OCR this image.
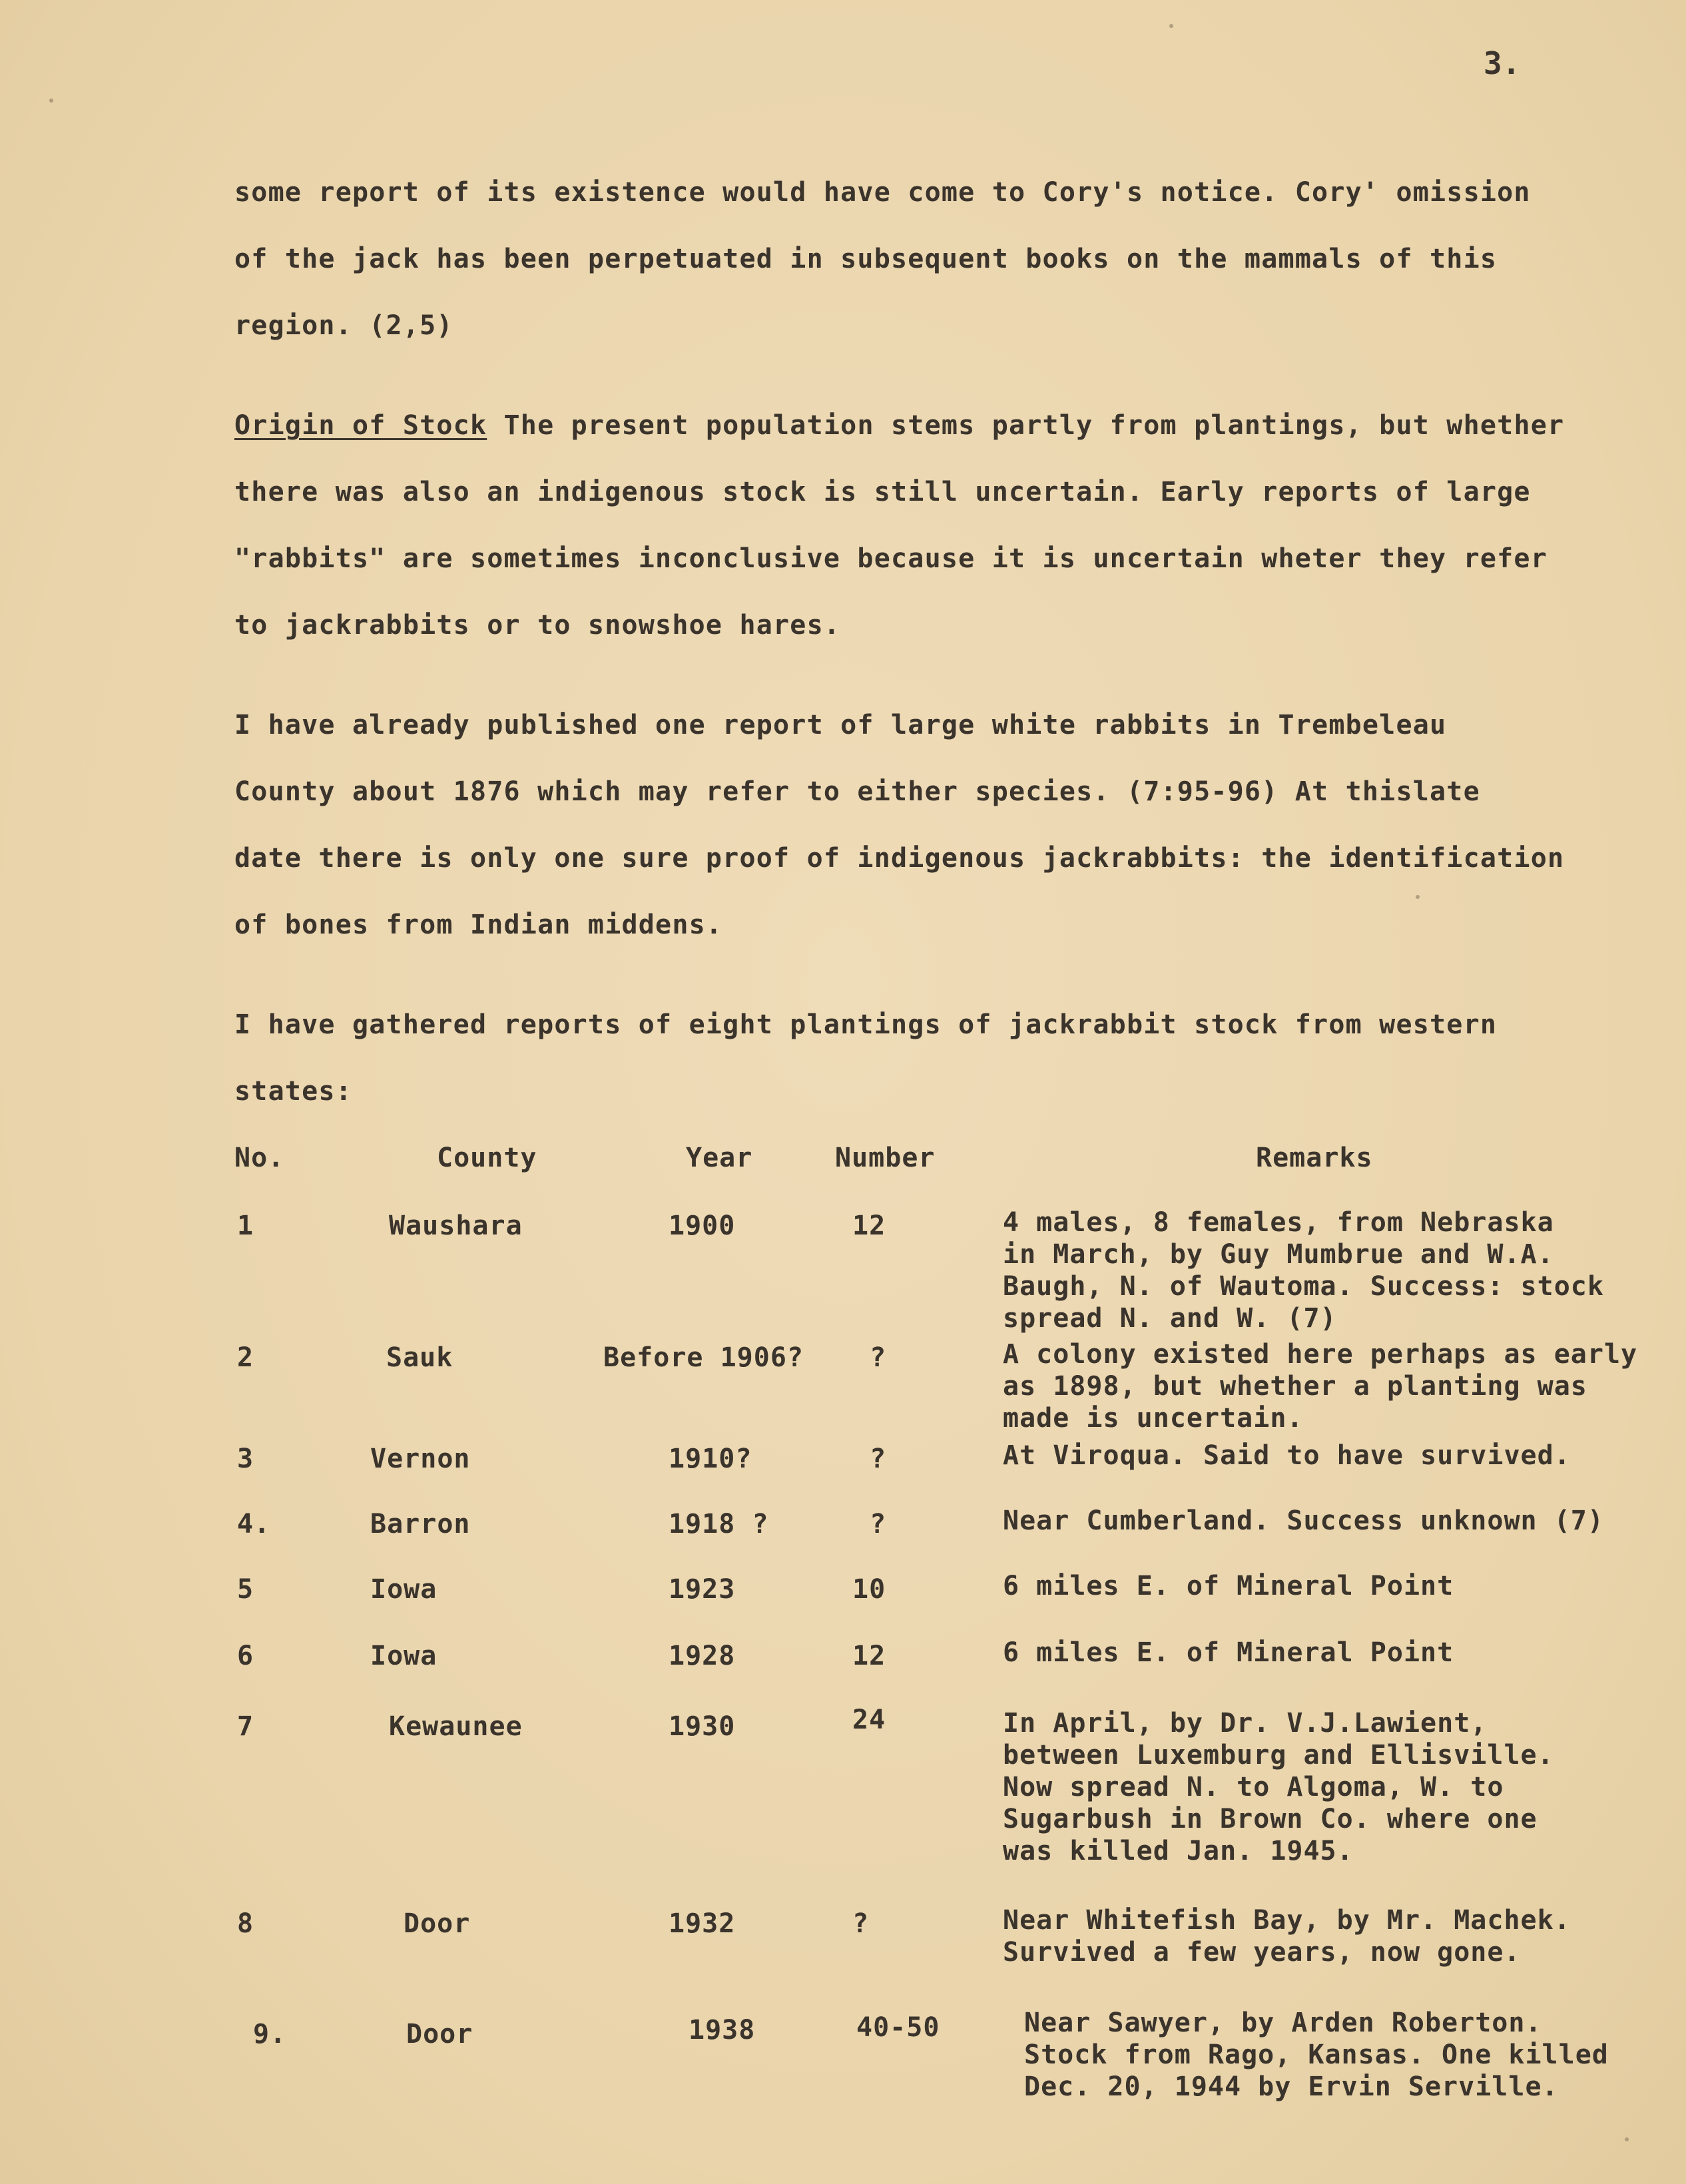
3.
some report of its existence would have come to Cory's notice. Cory' omission
of the jack has been perpetuated in subsequent books on the mammals of this
region. (2,5)
Origin of Stock The present population stems partly from plantings, but whether
there was also an indigenous stock is still uncertain. Early reports of large
"rabbits" are sometimes inconclusive because it is uncertain wheter they refer
to jackrabbits or to snowshoe hares.
I have already published one report of large white rabbits in Trembeleau
County about 1876 which may refer to either species. (7:95-96) At thislate
date there is only one sure proof of indigenous jackrabbits: the identification
of bones from Indian middens.
I have gathered reports of eight plantings of jackrabbit stock from western
states:
No.	County	Year	Number	Remarks
1	Waushara	1900	12	4 males, 8 females, from Nebraska
in March, by Guy Mumbrue and W.A.
Baugh, N. of Wautoma. Success: stock
spread N. and W. (7)
2	Sauk	Before 1906? ?	A colony existed here perhaps as early
as 1898, but whether a planting was
made is uncertain.
3	Vernon	1910?	?	At Viroqua. Said to have survived.
4.	Barron	1918 ?	?	Near Cumberland. Success unknown (7)
5	Iowa	1923	10	6 miles E. of Mineral Point
6	Iowa	1928	12	6 miles E. of Mineral Point
7	Kewaunee	1930	24	In April, by Dr. V.J.Lawient,
between Luxemburg and Ellisville.
Now spread N. to Algoma, W. to
Sugarbush in Brown Co. where one
was killed Jan. 1945.
8	Door	1932	?	Near Whitefish Bay, by Mr. Machek.
Survived a few years, now gone.
9.	Door	1938	40-50	Near Sawyer, by Arden Roberton.
Stock from Rago, Kansas. One killed
Dec. 20, 1944 by Ervin Serville.
